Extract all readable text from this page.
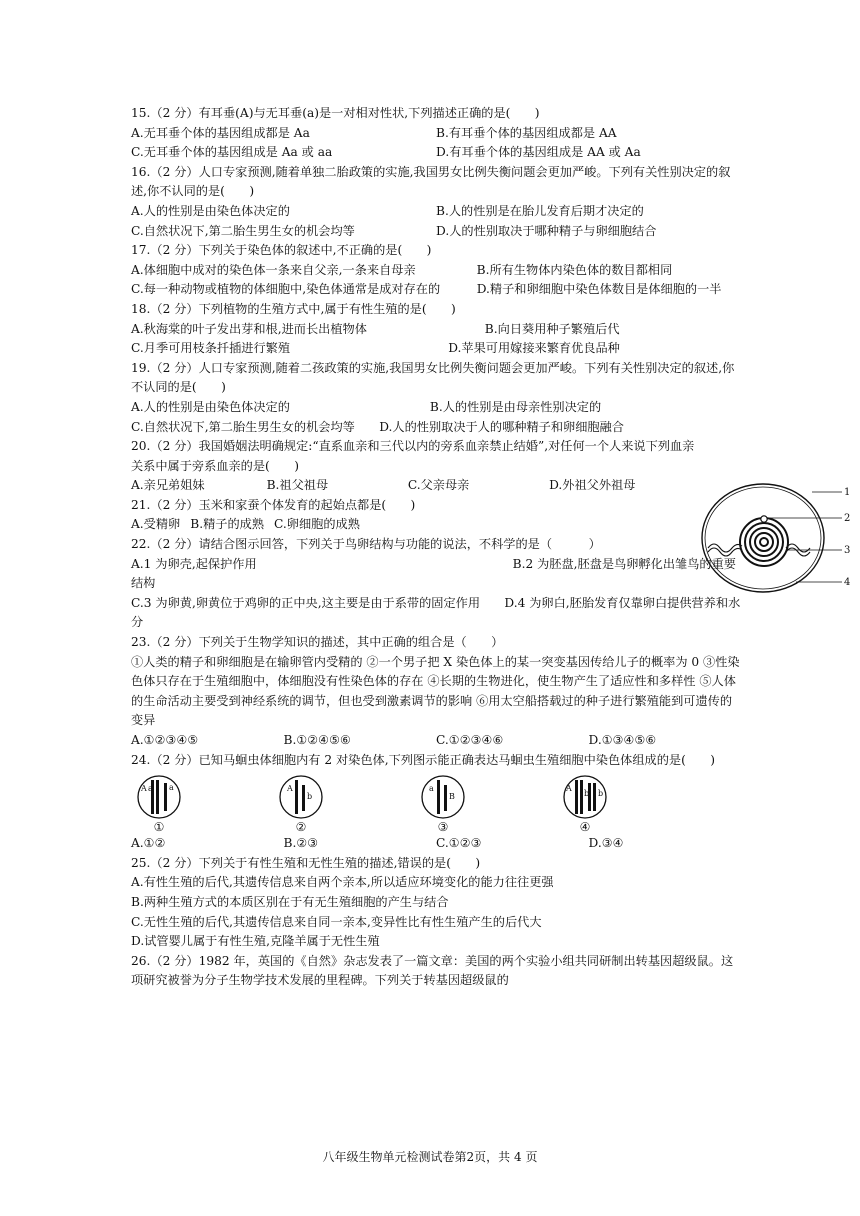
15.（2 分）有耳垂(A)与无耳垂(a)是一对相对性状,下列描述正确的是(　　)
A.无耳垂个体的基因组成都是 Aa	B.有耳垂个体的基因组成都是 AA
C.无耳垂个体的基因组成是 Aa 或 aa	D.有耳垂个体的基因组成是 AA 或 Aa
16.（2 分）人口专家预测,随着单独二胎政策的实施,我国男女比例失衡问题会更加严峻。下列有关性别决定的叙述,你不认同的是(　　)
A.人的性别是由染色体决定的	B.人的性别是在胎儿发育后期才决定的
C.自然状况下,第二胎生男生女的机会均等	D.人的性别取决于哪种精子与卵细胞结合
17.（2 分）下列关于染色体的叙述中,不正确的是(　　)
A.体细胞中成对的染色体一条来自父亲,一条来自母亲　　　　　B.所有生物体内染色体的数目都相同
C.每一种动物或植物的体细胞中,染色体通常是成对存在的　　　D.精子和卵细胞中染色体数目是体细胞的一半
18.（2 分）下列植物的生殖方式中,属于有性生殖的是(　　)
A.秋海棠的叶子发出芽和根,进而长出植物体	B.向日葵用种子繁殖后代
C.月季可用枝条扦插进行繁殖	D.苹果可用嫁接来繁育优良品种
19.（2 分）人口专家预测,随着二孩政策的实施,我国男女比例失衡问题会更加严峻。下列有关性别决定的叙述,你不认同的是(　　)
A.人的性别是由染色体决定的	B.人的性别是由母亲性别决定的
C.自然状况下,第二胎生男生女的机会均等　　D.人的性别取决于人的哪种精子和卵细胞融合
20.（2 分）我国婚姻法明确规定:“直系血亲和三代以内的旁系血亲禁止结婚”,对任何一个人来说下列血亲关系中属于旁系血亲的是(　　)
A.亲兄弟姐妹	B.祖父祖母	C.父亲母亲	D.外祖父外祖母
21.（2 分）玉米和家蚕个体发育的起始点都是(　　)
A.受精卵 B.精子的成熟 C.卵细胞的成熟
22.（2 分）请结合图示回答，下列关于鸟卵结构与功能的说法，不科学的是（　　　）
A.1 为卵壳,起保护作用　　　　　　　　　　　　　　　　　　　　　B.2 为胚盘,胚盘是鸟卵孵化出雏鸟的重要结构
C.3 为卵黄,卵黄位于鸡卵的正中央,这主要是由于系带的固定作用　　D.4 为卵白,胚胎发育仅靠卵白提供营养和水分
23.（2 分）下列关于生物学知识的描述，其中正确的组合是（　　）
①人类的精子和卵细胞是在输卵管内受精的 ②一个男子把 X 染色体上的某一突变基因传给儿子的概率为 0 ③性染色体只存在于生殖细胞中，体细胞没有性染色体的存在 ④长期的生物进化，使生物产生了适应性和多样性 ⑤人体的生命活动主要受到神经系统的调节，但也受到激素调节的影响 ⑥用太空船搭载过的种子进行繁殖能到可遗传的变异
A.①②③④⑤	B.①②④⑤⑥	C.①②③④⑥	D.①③④⑤⑥
24.（2 分）已知马蛔虫体细胞内有 2 对染色体,下列图示能正确表达马蛔虫生殖细胞中染色体组成的是(　　)
A a a
①
A
b
②
a
B
③
A
b b
④
A.①②	B.②③	C.①②③	D.③④
25.（2 分）下列关于有性生殖和无性生殖的描述,错误的是(　　)
A.有性生殖的后代,其遗传信息来自两个亲本,所以适应环境变化的能力往往更强
B.两种生殖方式的本质区别在于有无生殖细胞的产生与结合
C.无性生殖的后代,其遗传信息来自同一亲本,变异性比有性生殖产生的后代大
D.试管婴儿属于有性生殖,克隆羊属于无性生殖
26.（2 分）1982 年，英国的《自然》杂志发表了一篇文章：美国的两个实验小组共同研制出转基因超级鼠。这项研究被誉为分子生物学技术发展的里程碑。下列关于转基因超级鼠的
1
2
3
4
八年级生物单元检测试卷第2页，共 4 页
